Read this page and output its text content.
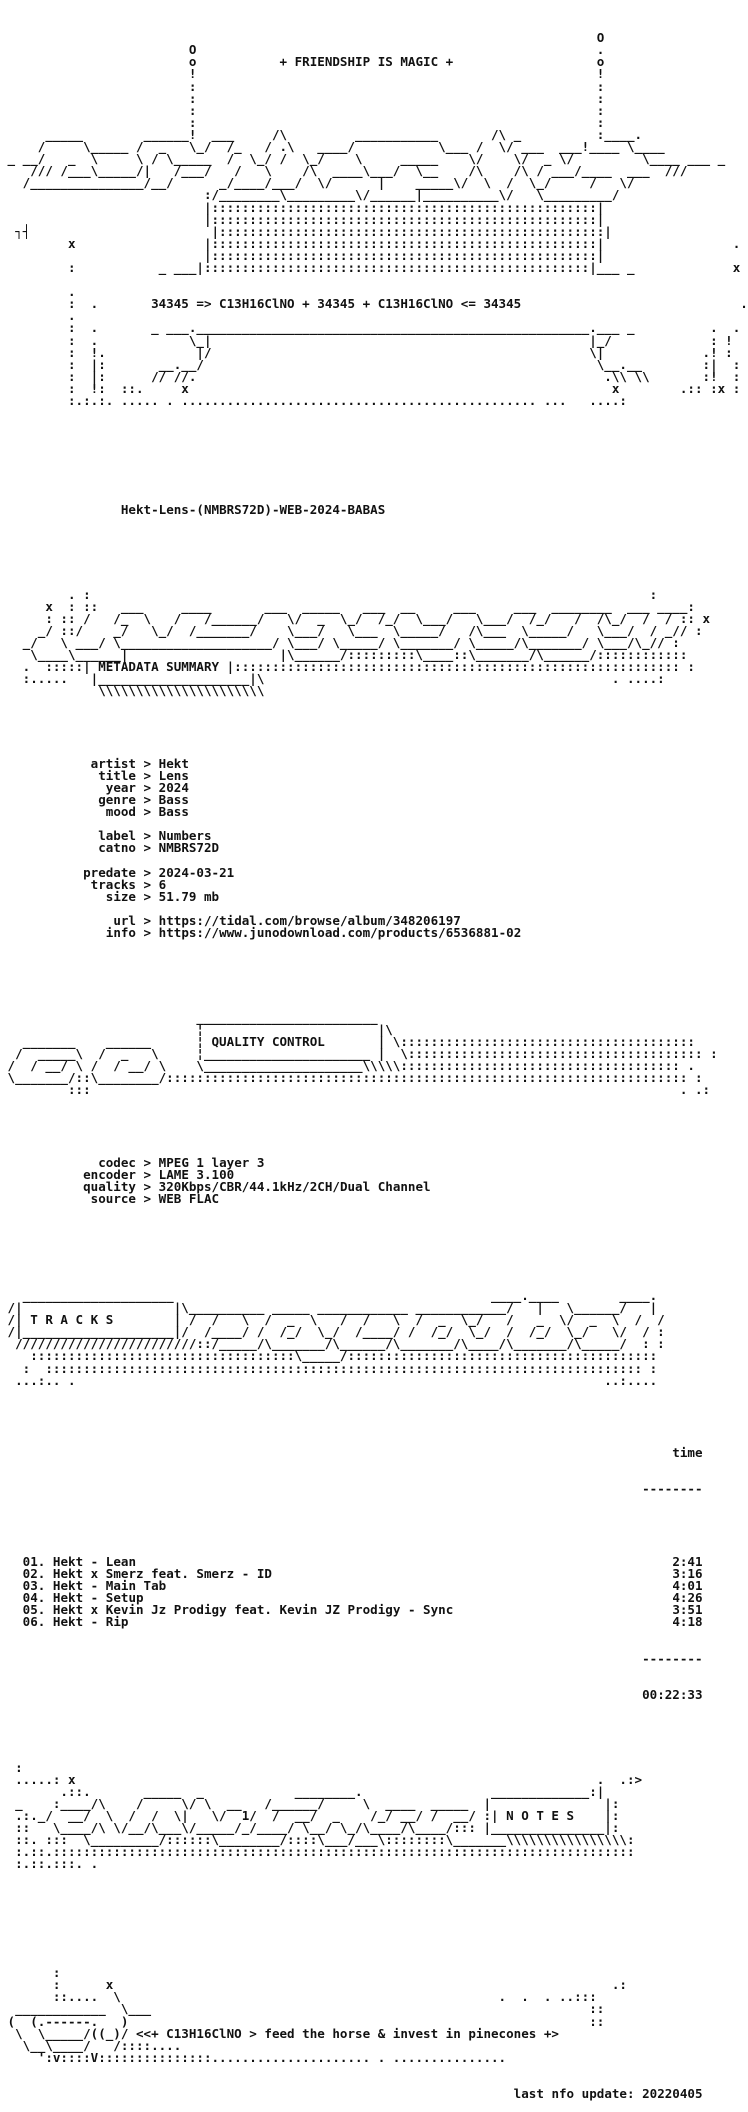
O
O                                                     .
o           + FRIENDSHIP IS MAGIC +                   o
!                                                     !
:                                                     :
:                                                     :
:                                                     :
:                                                     :
_____        ______!  ___     /\         ___________       /\ _          :____.
/     \_____ /  _   \_/  /_   / .\   ____/           \___ /  \/ ___  ___!____ \____
_ __/   _  \     \ / \_____  /  \_/ /  \_/    \     _____    \/    \/  _ \/         \____ ___ _
/// /___\_____/|   /___/   /   \    /\  ____\___/  \__    /\    /\ / ___/____  ___  ///
/_______________/__/      _/____/___/  \/      |    _____\/  \  /  \_/     /   \/
:/________\_________\/______|__________\/   \_________/
|:::::::::::::::::::::::::::::::::::::::::::::::::::|
|:::::::::::::::::::::::::::::::::::::::::::::::::::|
┐┤                        |:::::::::::::::::::::::::::::::::::::::::::::::::::|
x                 |:::::::::::::::::::::::::::::::::::::::::::::::::::|                 .
|:::::::::::::::::::::::::::::::::::::::::::::::::::|
:           _ ___|:::::::::::::::::::::::::::::::::::::::::::::::::::|___ _             x
.
:  .       34345 => C13H16ClNO + 34345 + C13H16ClNO <= 34345                             .
.
:  .       _ ___.____________________________________________________.___ _          .  .
:  .            \_|                                                  |_/             : !
:  !.            |/                                                  \|             .! :
:  |:       __.__/                                                    \__.__        :|  :
:  |:      // //.                                                      .\\ \\       :!  :
:  !:  ::.     x                                                        x        .:: :x :
:.:.:. ..... . ............................................... ...   ....:

Hekt-Lens-(NMBRS72D)-WEB-2024-BABAS

. :                                                                          :
x  : ::   ___     ____       ___  _____   ___  __     ___     ___  ________  ___ ____:
: :: /   /_  \   /   /______/   \/  _  \_/  /_/  \___/   \___/  /_/   /  /\_/  /  / :: x
_/ ::/    _/   \_/  /_______/    \___/   \___  \_____/   /\___  \_____/   \___/  / _// :
_/   \ ___/ \____________________/ \___/ \_____/ \_______/ \_____/\_______/ \___/\_// :
\____\______|                    |\______/:::::::::\____::\_______/\______/::::::::::::
.  :::::| METADATA SUMMARY |::::::::::::::::::::::::::::::::::::::::::::::::::::::::::: :
:.....   |____________________|\                                              . ....:
\\\\\\\\\\\\\\\\\\\\\\

artist > Hekt
title > Lens
year > 2024
genre > Bass
mood > Bass
label > Numbers
catno > NMBRS72D
predate > 2024-03-21
tracks > 6
size > 51.79 mb
url > https://tidal.com/browse/album/348206197
info > https://www.junodownload.com/products/6536881-02

________________________
¦                       |\
_______    ______      ¦ QUALITY CONTROL       | \:::::::::::::::::::::::::::::::::::::::
/  _____\  /  _   \     ¦______________________ |  \::::::::::::::::::::::::::::::::::::::: :
/  / __/ \ /  / __/ \    \_____________________\\\\\::::::::::::::::::::::::::::::::::::: .
\_______/::\________/::::::::::::::::::::::::::::::::::::::::::::::::::::::::::::::::::::: :
:::                                                                              . .:

codec > MPEG 1 layer 3
encoder > LAME 3.100
quality > 320Kbps/CBR/44.1kHz/2CH/Dual Channel
source > WEB FLAC

____________________                                          ____.____        ____.
/|                    |\__________ _____ ____________ ____________/   |   \______/   |
/| T R A C K S        | /  /   \  /  _  \   /  /   \  /  _  \_/   /   _  \/  _  \  /  /
/|____________________|/  /____/ /  /_/  \_/  /____/ /  /_/  \_/  /  /_/  \_/   \/  / :
////////////////////////::/_____/\_______/\______/\_______/\____/\_______/\_____/  : :
:::::::::::::::::::::::::::::::::::\_____/:::::::::::::::::::::::::::::::::::::::::
:  ::::::::::::::::::::::::::::::::::::::::::::::::::::::::::::::::::::::::::::::: :
...:.. .                                                                      ..:....

time

--------

01. Hekt - Lean	2:41
02. Hekt x Smerz feat. Smerz - ID	3:16
03. Hekt - Main Tab	4:01
04. Hekt - Setup	4:26
05. Hekt x Kevin Jz Prodigy feat. Kevin JZ Prodigy - Sync	3:51
06. Hekt - Rip	4:18

--------

00:22:33

:
.....: x                                                                     .  .:>
.::.       _____  _            ________.                 _____________:|
_    :____/\    /     \/ \  __   /______/     \  ____  _____  |               |:
.:._/  __/  \  /  /  \|   \/  1/  /  __/  _    /_/ __/ /  __/ :| N O T E S    |:
::   \____/\ \/__/\___\/_____/_/____/ \__/ \_/\____/\____/::: |_______________|:
::. :::  \_________/::::::\________/::::\___/___\::::::::\_______\\\\\\\\\\\\\\\\:
:.::.:::::::::::::::::::::::::::::::::::::::::::::::::::::::::::::::::::::::::::::
:.::.:::. .

:
:      x                                                                  .:
::....  \                                                  .  .  . ..:::
____________  \___                                                          ::
(  (.------.   )                                                             ::
\  \_____/((_)/ <<+ C13H16ClNO > feed the horse & invest in pinecones +>
\__\____/   /::::....
':v::::V:::::::::::::::..................... . ...............

last nfo update: 20220405
